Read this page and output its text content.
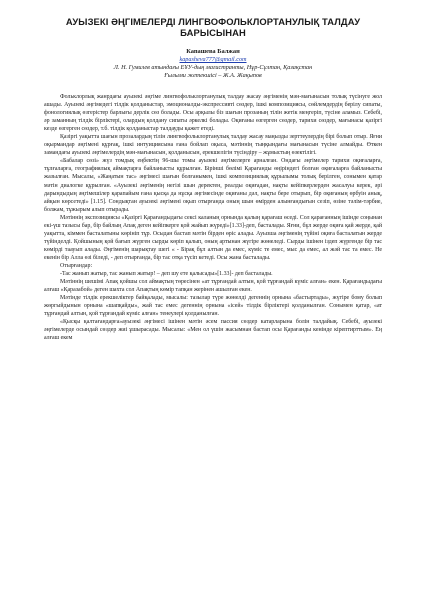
АУЫЗЕКІ ӘҢГІМЕЛЕРДІ ЛИНГВОФОЛЬКЛОРТАНУЛЫҚ ТАЛДАУ БАРЫСЫНАН
Капашева Балжан
kapasheva777@gmail.com
Л. Н. Гумилев атындағы ЕҰУ-дың магистранты, Нұр-Сұлтан, Қазақстан
Ғылыми жетекшісі – Ж.А. Жақыпов

Фольклорлық жанрдағы ауызекі әңгіме лингвофольклортанулық талдау жасау әңгіменің мән-мағынасын толық түсінуге жол ашады. Ауызекі әңгімедегі тілдік қолданыстар, эмоционалды-экспрессивті сөздер, ішкі композициясы, сөйлемдердің берілу сипаты, фонологиялық өзгерістер барлығы дерлік сөз болады. Осы арқылы біз шағын прозаның тілін жетік меңгеріп, түсіне аламыз. Себебі, әр заманның тілдік бірліктері, олардың қолдану сипаты әркелкі болады. Оқиғаны өзгерген сөздер, тарихи сөздер, мағынасы қазіргі кезде өзгерген сөздер, т.б. тілдік қолданыстар талдауды қажет етеді.

Қазіргі уақытта шағын прозалардың тілін лингвофольклортанулық талдау жасау маңызды зерттеулердің бірі болып отыр. Яғни оқырмандар әңгімені құрғақ, ішкі интуициясына ғана бойлап оқыса, мәтіннің тыңқындағы мағынасын түсіне алмайды. Өткен замандағы ауызекі әңгімелердің мән-мағынасын, қолданысын, ерекшелігін түсіндіру – жұмыстың өзектілігі.

«Бабалар сөзі» жүз томдық еңбектің 96-шы томы ауызекі әңгімелерге арналған. Ондағы әңгімелер тарихи оқиғаларға, тұлғаларға, географиялық аймақтарға байланысты құрылған. Бірінші бөлімі Қарағанды өңіріндегі болған оқиғаларға байланысты жазылған. Мысалы, «Жаңатын тас» әңгімесі шағын болғанымен, ішкі композициялық құрылымы толық берілген, сонымен қатар мәтін диалогке құрылған. «Ауызекі әңгіменің негізі шын деректен, реалды оқиғадан, нақты кейіпкерлерден жасалуы керек, әрі дарындыдың әңгімешілер қарапайым ғана қысқа да нұсқа әңгімесінде оқиғаны дәл, нақты бере отырып, бір оқиғаның өрбуін анық, айқын көрсетеді» [1.15]. Сондықтан ауызекі әңгімені оқып отырғанда оның шын өмірден алынғандығын сезіп, өзіне тәлім-тәрбие, болжам, тұжырым алып отырады.

Мәтіннің экспозициясы «Қазіргі Қарағандыдағы сексі каланың орнында қалың қарағаш өседі. Сол қарағанның ішінде соңынан екі-үш тазысы бар, бір байлың Апақ деген кейіпкерге қой жайып жүреді»[1.33]-деп, басталады. Яғни, бұл жерде оқиға қай жерде, қай уақытта, кіммен басталатыны көрініп тұр. Осыдан бастап мәтін бірден өріс алады. Ауызша әңгіменің түйіні оқиға басталатын жерде түйінделді. Қойшының қой бағып жүрген сырды көріп қалып, оның артынан жүгіре жөнеледі. Сырды ішінен іздеп жүргенде бір тас көмірді таауып алады. Әңгіменің шарықтау шегі « - Бірақ бұл алтын да емес, күміс те емес, мыс да емес, ал жәй тас та емес. Не екенін бір Алла өзі біледі, - деп отырғанда, бір тас отқа түсіп кетеді. Осы жана басталады.

Отырғандар:

-Тас жанып жатыр, тас жанып жатыр! – деп шу ете қалысады»[1.33]- деп басталады.

Мәтіннің шешімі Апақ қойшы сол аймақтың төресінен «ат тұрғандай алтын, қой тұрғандай күміс алған» екен. Қарағандыдағы алғаш «Қаразабой» деген шахта сол Апақтың көмір тапқан жерінен ашылған екен.

Мәтінде тілдік ерекшеліктер байқалады, мысалы: тазылар түре жөнелді дегеннің орнына «бастыртады», жүгіре бому болып жөргыйдынын орнына «шапқайды», жай тас емес дегеннің орнына «ісей» тілдік бірліктері қолданылған. Сонымен қатар, «ат тұрғандай алтын, қой тұрғандай күміс алған» тенеулері қолданылған.

«Қысқы қалтағандарға»ауызекі әңгімесі ішінен мәтін әсем пассия сөздер катарларына болін талдайық. Себебі, ауызекі әңгімелерде осындай сөздер жиі ұшырасады. Мысалы: «Мен ол үшін жасымнан бастап осы Қарағанды кенінде кірептирттым». Ең алғаш екем
